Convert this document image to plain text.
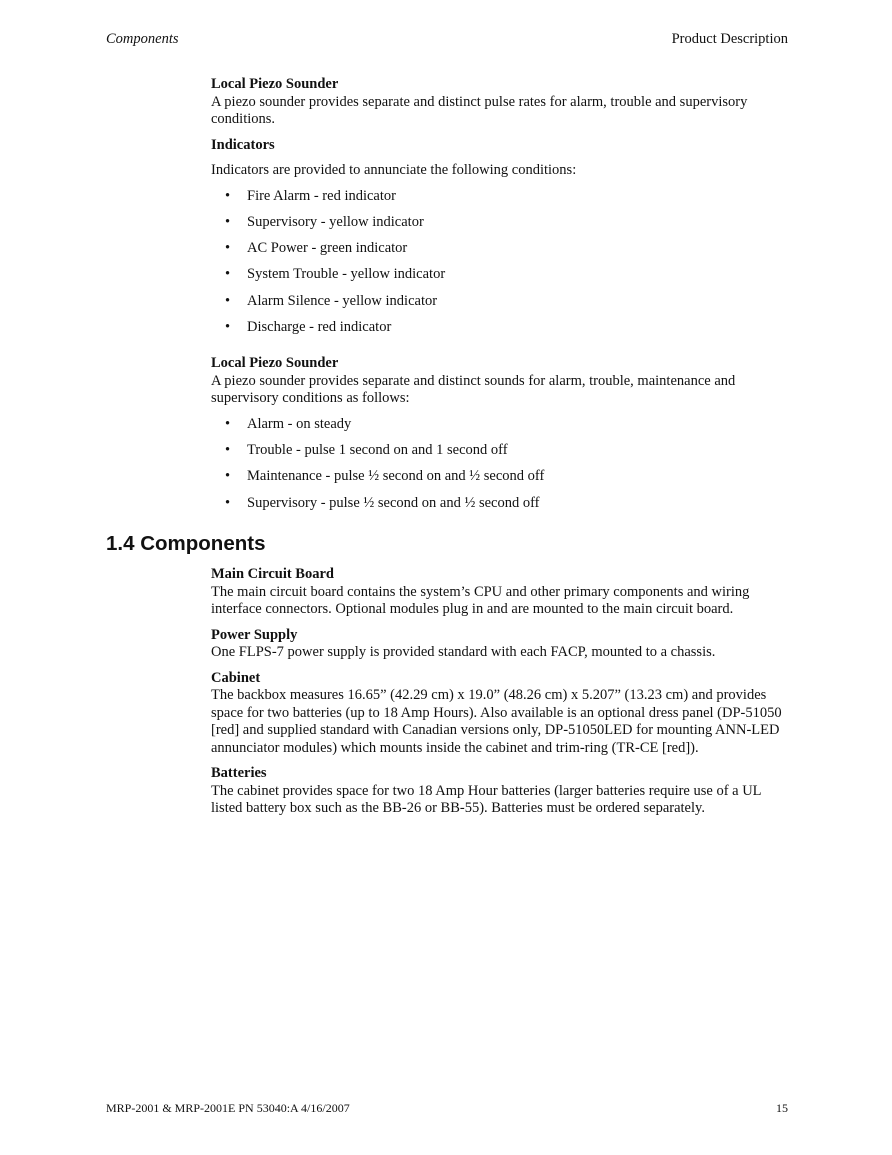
Components	Product Description

Local Piezo Sounder

A piezo sounder provides separate and distinct pulse rates for alarm, trouble and supervisory conditions.

Indicators

Indicators are provided to annunciate the following conditions:

• Fire Alarm - red indicator
• Supervisory - yellow indicator
• AC Power - green indicator
• System Trouble - yellow indicator
• Alarm Silence - yellow indicator
• Discharge - red indicator

Local Piezo Sounder

A piezo sounder provides separate and distinct sounds for alarm, trouble, maintenance and supervisory conditions as follows:

• Alarm - on steady
• Trouble - pulse 1 second on and 1 second off
• Maintenance - pulse ½ second on and ½ second off
• Supervisory - pulse ½ second on and ½ second off
1.4 Components

Main Circuit Board

The main circuit board contains the system’s CPU and other primary components and wiring interface connectors. Optional modules plug in and are mounted to the main circuit board.

Power Supply

One FLPS-7 power supply is provided standard with each FACP, mounted to a chassis.

Cabinet

The backbox measures 16.65” (42.29 cm) x 19.0” (48.26 cm) x 5.207” (13.23 cm) and provides space for two batteries (up to 18 Amp Hours). Also available is an optional dress panel (DP-51050 [red] and supplied standard with Canadian versions only, DP-51050LED for mounting ANN-LED annunciator modules) which mounts inside the cabinet and trim-ring (TR-CE [red]).

Batteries

The cabinet provides space for two 18 Amp Hour batteries (larger batteries require use of a UL listed battery box such as the BB-26 or BB-55). Batteries must be ordered separately.

MRP-2001 & MRP-2001E PN 53040:A 4/16/2007	15
